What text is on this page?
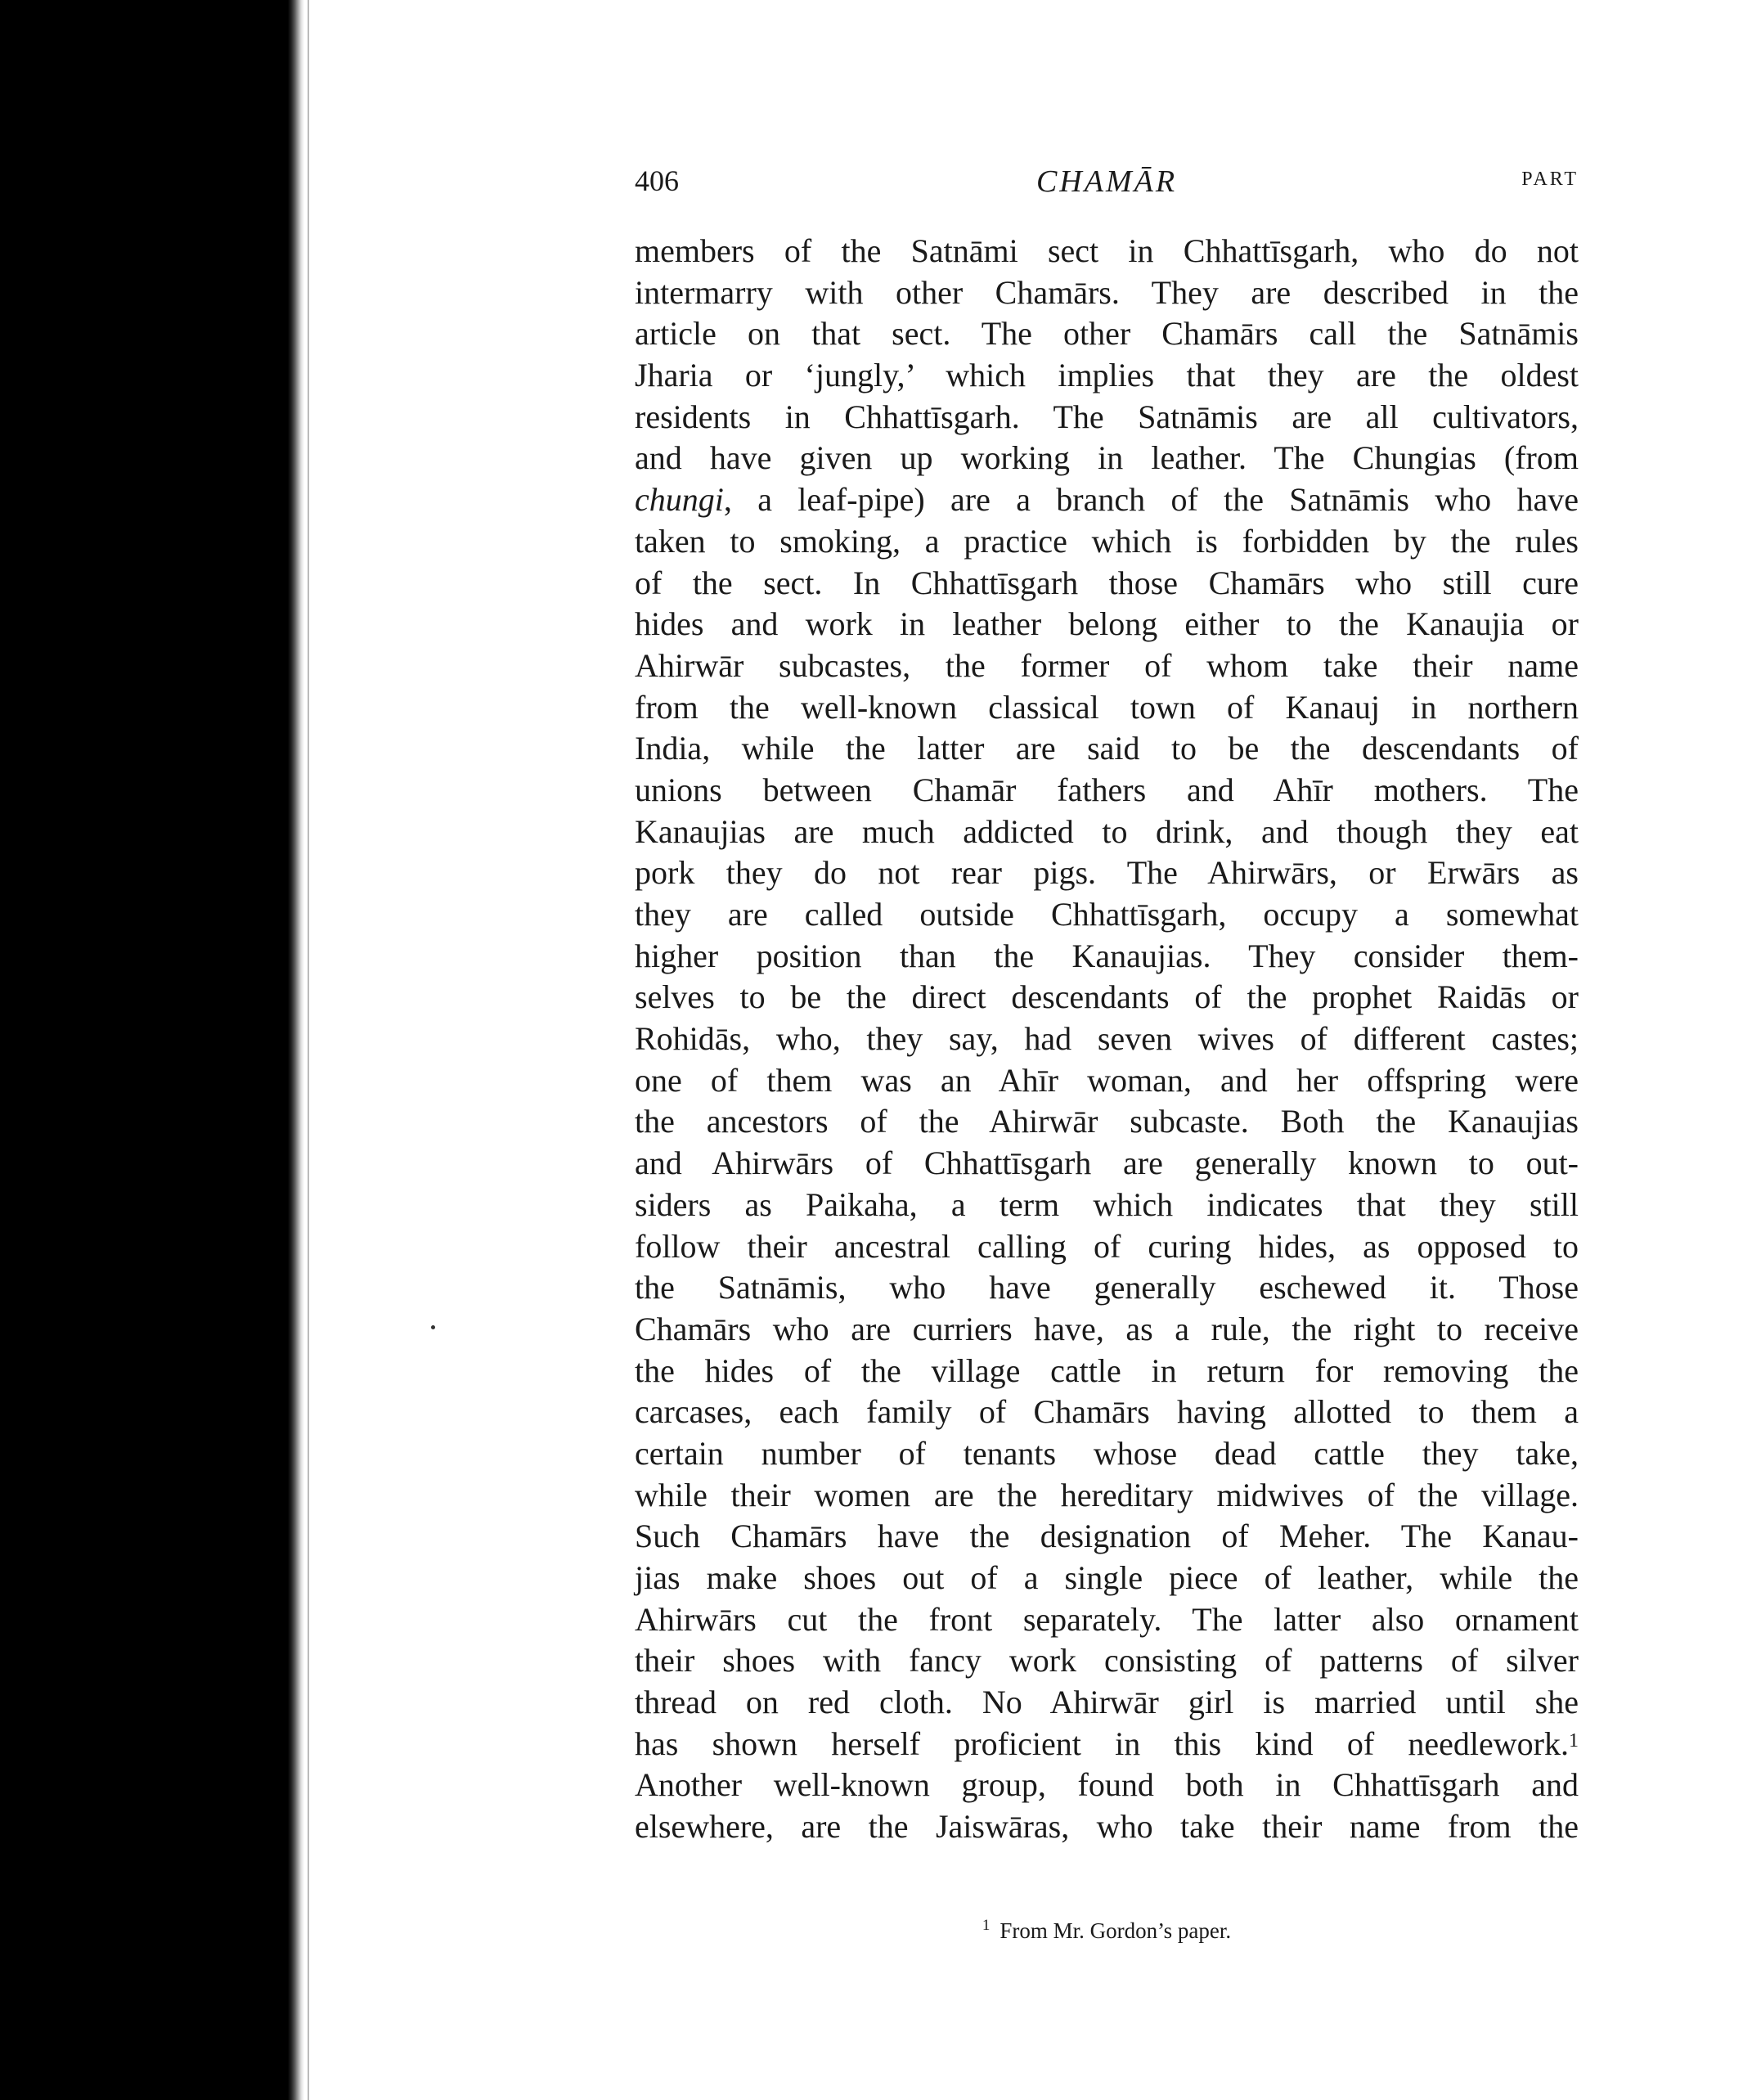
406	CHAMĀR	PART
members of the Satnāmi sect in Chhattīsgarh, who do not
intermarry with other Chamārs. They are described in the
article on that sect. The other Chamārs call the Satnāmis
Jharia or ‘jungly,’ which implies that they are the oldest
residents in Chhattīsgarh. The Satnāmis are all cultivators,
and have given up working in leather. The Chungias (from
chungi, a leaf-pipe) are a branch of the Satnāmis who have
taken to smoking, a practice which is forbidden by the rules
of the sect. In Chhattīsgarh those Chamārs who still cure
hides and work in leather belong either to the Kanaujia or
Ahirwār subcastes, the former of whom take their name
from the well-known classical town of Kanauj in northern
India, while the latter are said to be the descendants of
unions between Chamār fathers and Ahīr mothers. The
Kanaujias are much addicted to drink, and though they eat
pork they do not rear pigs. The Ahirwārs, or Erwārs as
they are called outside Chhattīsgarh, occupy a somewhat
higher position than the Kanaujias. They consider them-
selves to be the direct descendants of the prophet Raidās or
Rohidās, who, they say, had seven wives of different castes;
one of them was an Ahīr woman, and her offspring were
the ancestors of the Ahirwār subcaste. Both the Kanaujias
and Ahirwārs of Chhattīsgarh are generally known to out-
siders as Paikaha, a term which indicates that they still
follow their ancestral calling of curing hides, as opposed to
the Satnāmis, who have generally eschewed it. Those
Chamārs who are curriers have, as a rule, the right to receive
the hides of the village cattle in return for removing the
carcases, each family of Chamārs having allotted to them a
certain number of tenants whose dead cattle they take,
while their women are the hereditary midwives of the village.
Such Chamārs have the designation of Meher. The Kanau-
jias make shoes out of a single piece of leather, while the
Ahirwārs cut the front separately. The latter also ornament
their shoes with fancy work consisting of patterns of silver
thread on red cloth. No Ahirwār girl is married until she
has shown herself proficient in this kind of needlework.$^1$
Another well-known group, found both in Chhattīsgarh and
elsewhere, are the Jaiswāras, who take their name from the
$^1$ From Mr. Gordon’s paper.
